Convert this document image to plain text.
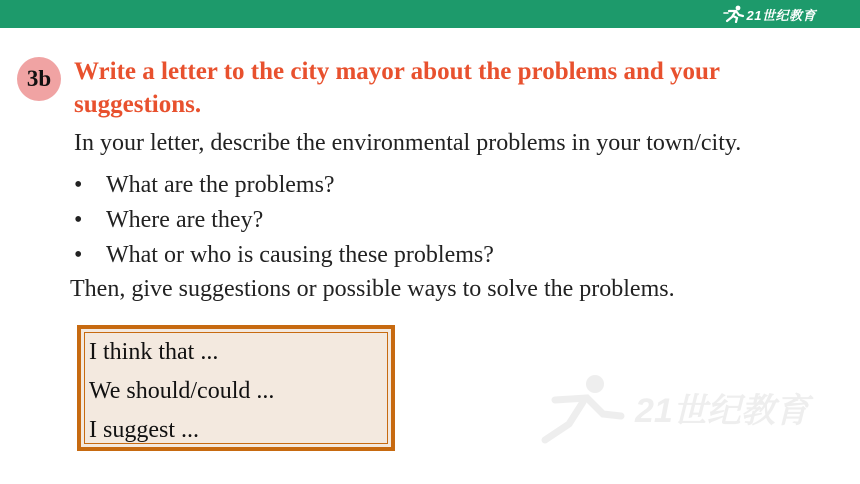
21世纪教育
3b Write a letter to the city mayor about the problems and your suggestions.
In your letter, describe the environmental problems in your town/city.
• What are the problems?
• Where are they?
• What or who is causing these problems?
Then, give suggestions or possible ways to solve the problems.
I think that ...
We should/could ...
I suggest ...	21世纪教育
